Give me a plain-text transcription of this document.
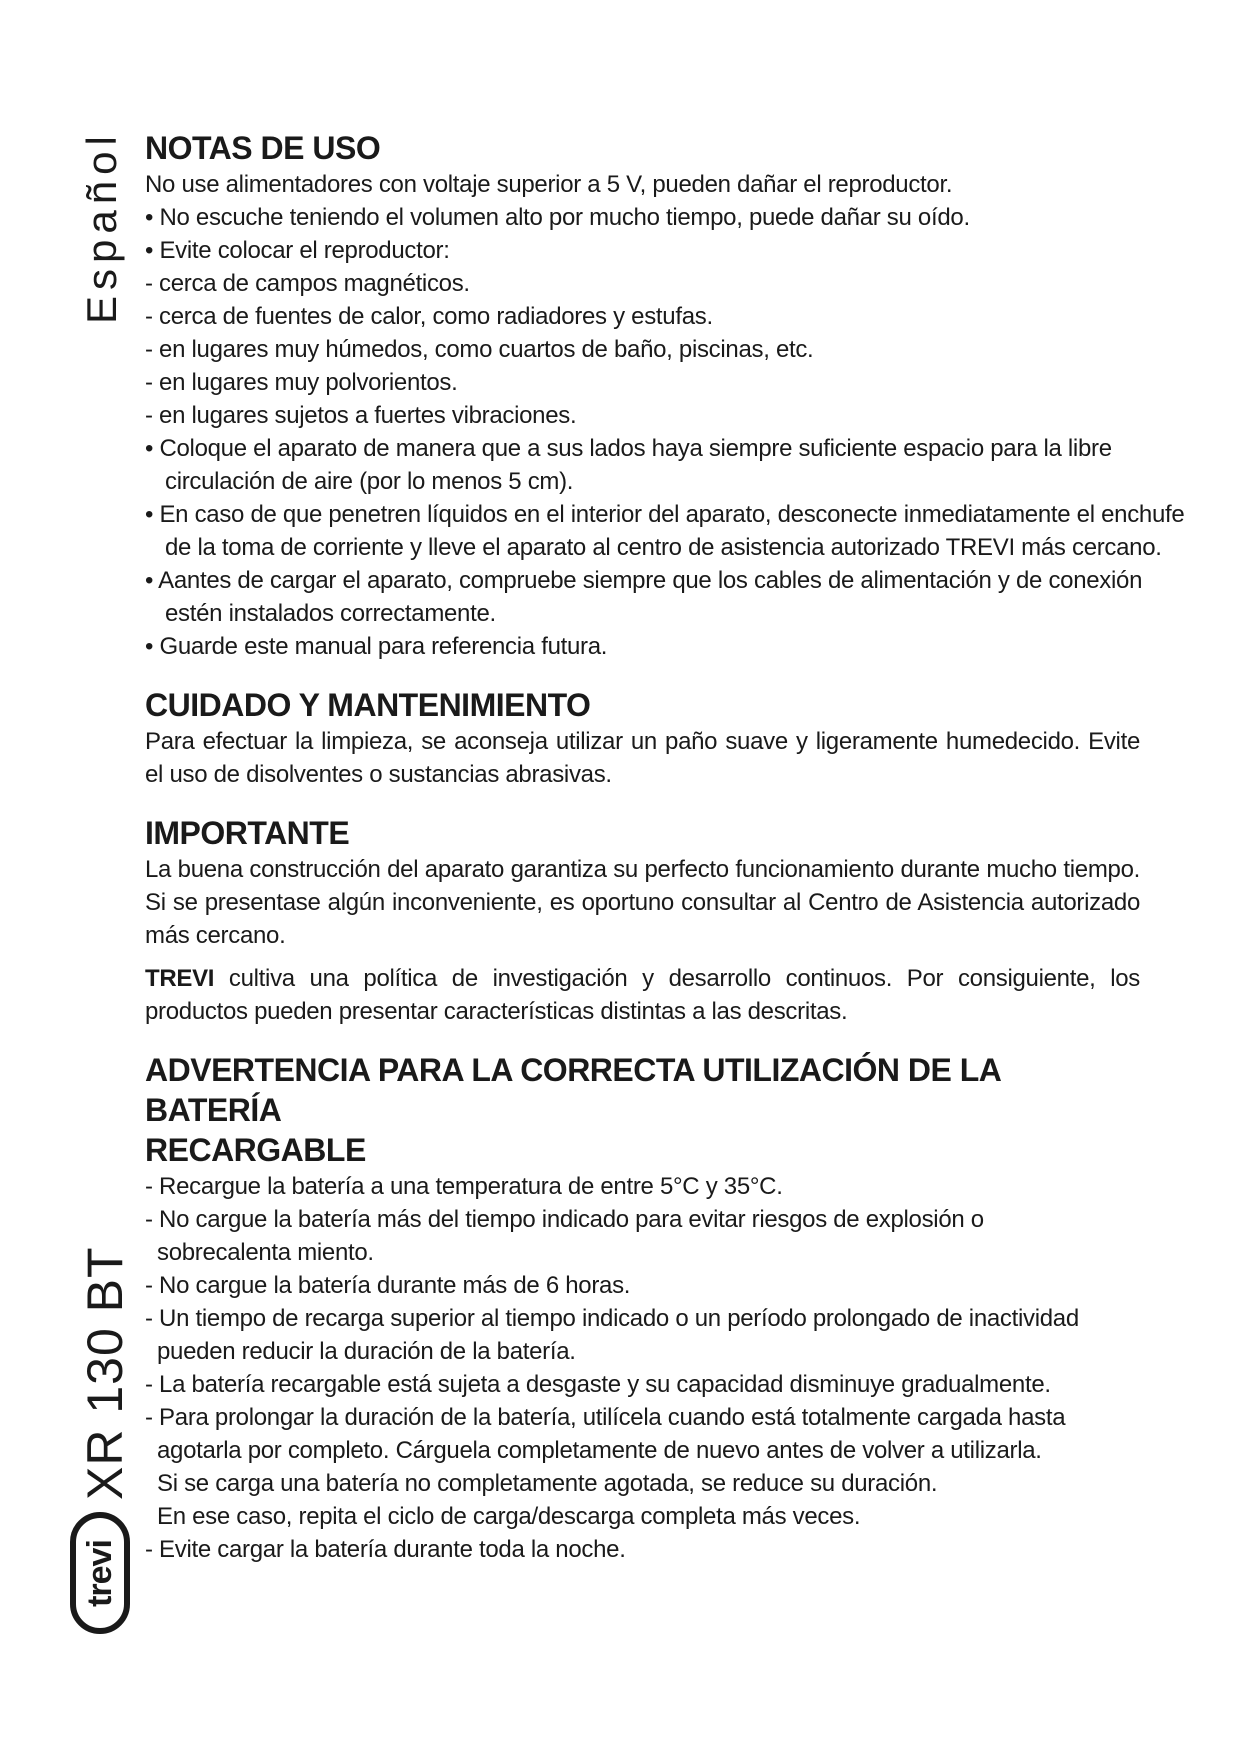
Español
XR 130 BT
trevi
NOTAS DE USO
No use alimentadores con voltaje superior a 5 V, pueden dañar el reproductor.
• No escuche teniendo el volumen alto por mucho tiempo, puede dañar su oído.
• Evite colocar el reproductor:
- cerca de campos magnéticos.
- cerca de fuentes de calor, como radiadores y estufas.
- en lugares muy húmedos, como cuartos de baño, piscinas, etc.
- en lugares muy polvorientos.
- en lugares sujetos a fuertes vibraciones.
• Coloque el aparato de manera que a sus lados haya siempre suficiente espacio para la libre
circulación de aire (por lo menos 5 cm).
• En caso de que penetren líquidos en el interior del aparato, desconecte inmediatamente el enchufe
de la toma de corriente y lleve el aparato al centro de asistencia autorizado TREVI más cercano.
• Aantes de cargar el aparato, compruebe siempre que los cables de alimentación y de conexión
estén instalados correctamente.
• Guarde este manual para referencia futura.
CUIDADO Y MANTENIMIENTO
Para efectuar la limpieza, se aconseja utilizar un paño suave y ligeramente humedecido. Evite el uso de disolventes o sustancias abrasivas.
IMPORTANTE
La buena construcción del aparato garantiza su perfecto funcionamiento durante mucho tiempo. Si se presentase algún inconveniente, es oportuno consultar al Centro de Asistencia autorizado más cercano.
TREVI cultiva una política de investigación y desarrollo continuos. Por consiguiente, los productos pueden presentar características distintas a las descritas.
ADVERTENCIA PARA LA CORRECTA UTILIZACIÓN DE LA BATERÍA
RECARGABLE
- Recargue la batería a una temperatura de entre 5°C y 35°C.
- No cargue la batería más del tiempo indicado para evitar riesgos de explosión o
sobrecalenta miento.
- No cargue la batería durante más de 6 horas.
- Un tiempo de recarga superior al tiempo indicado o un período prolongado de inactividad
pueden reducir la duración de la batería.
- La batería recargable está sujeta a desgaste y su capacidad disminuye gradualmente.
- Para prolongar la duración de la batería, utilícela cuando está totalmente cargada hasta
agotarla por completo. Cárguela completamente de nuevo antes de volver a utilizarla.
Si se carga una batería no completamente agotada, se reduce su duración.
En ese caso, repita el ciclo de carga/descarga completa más veces.
- Evite cargar la batería durante toda la noche.
